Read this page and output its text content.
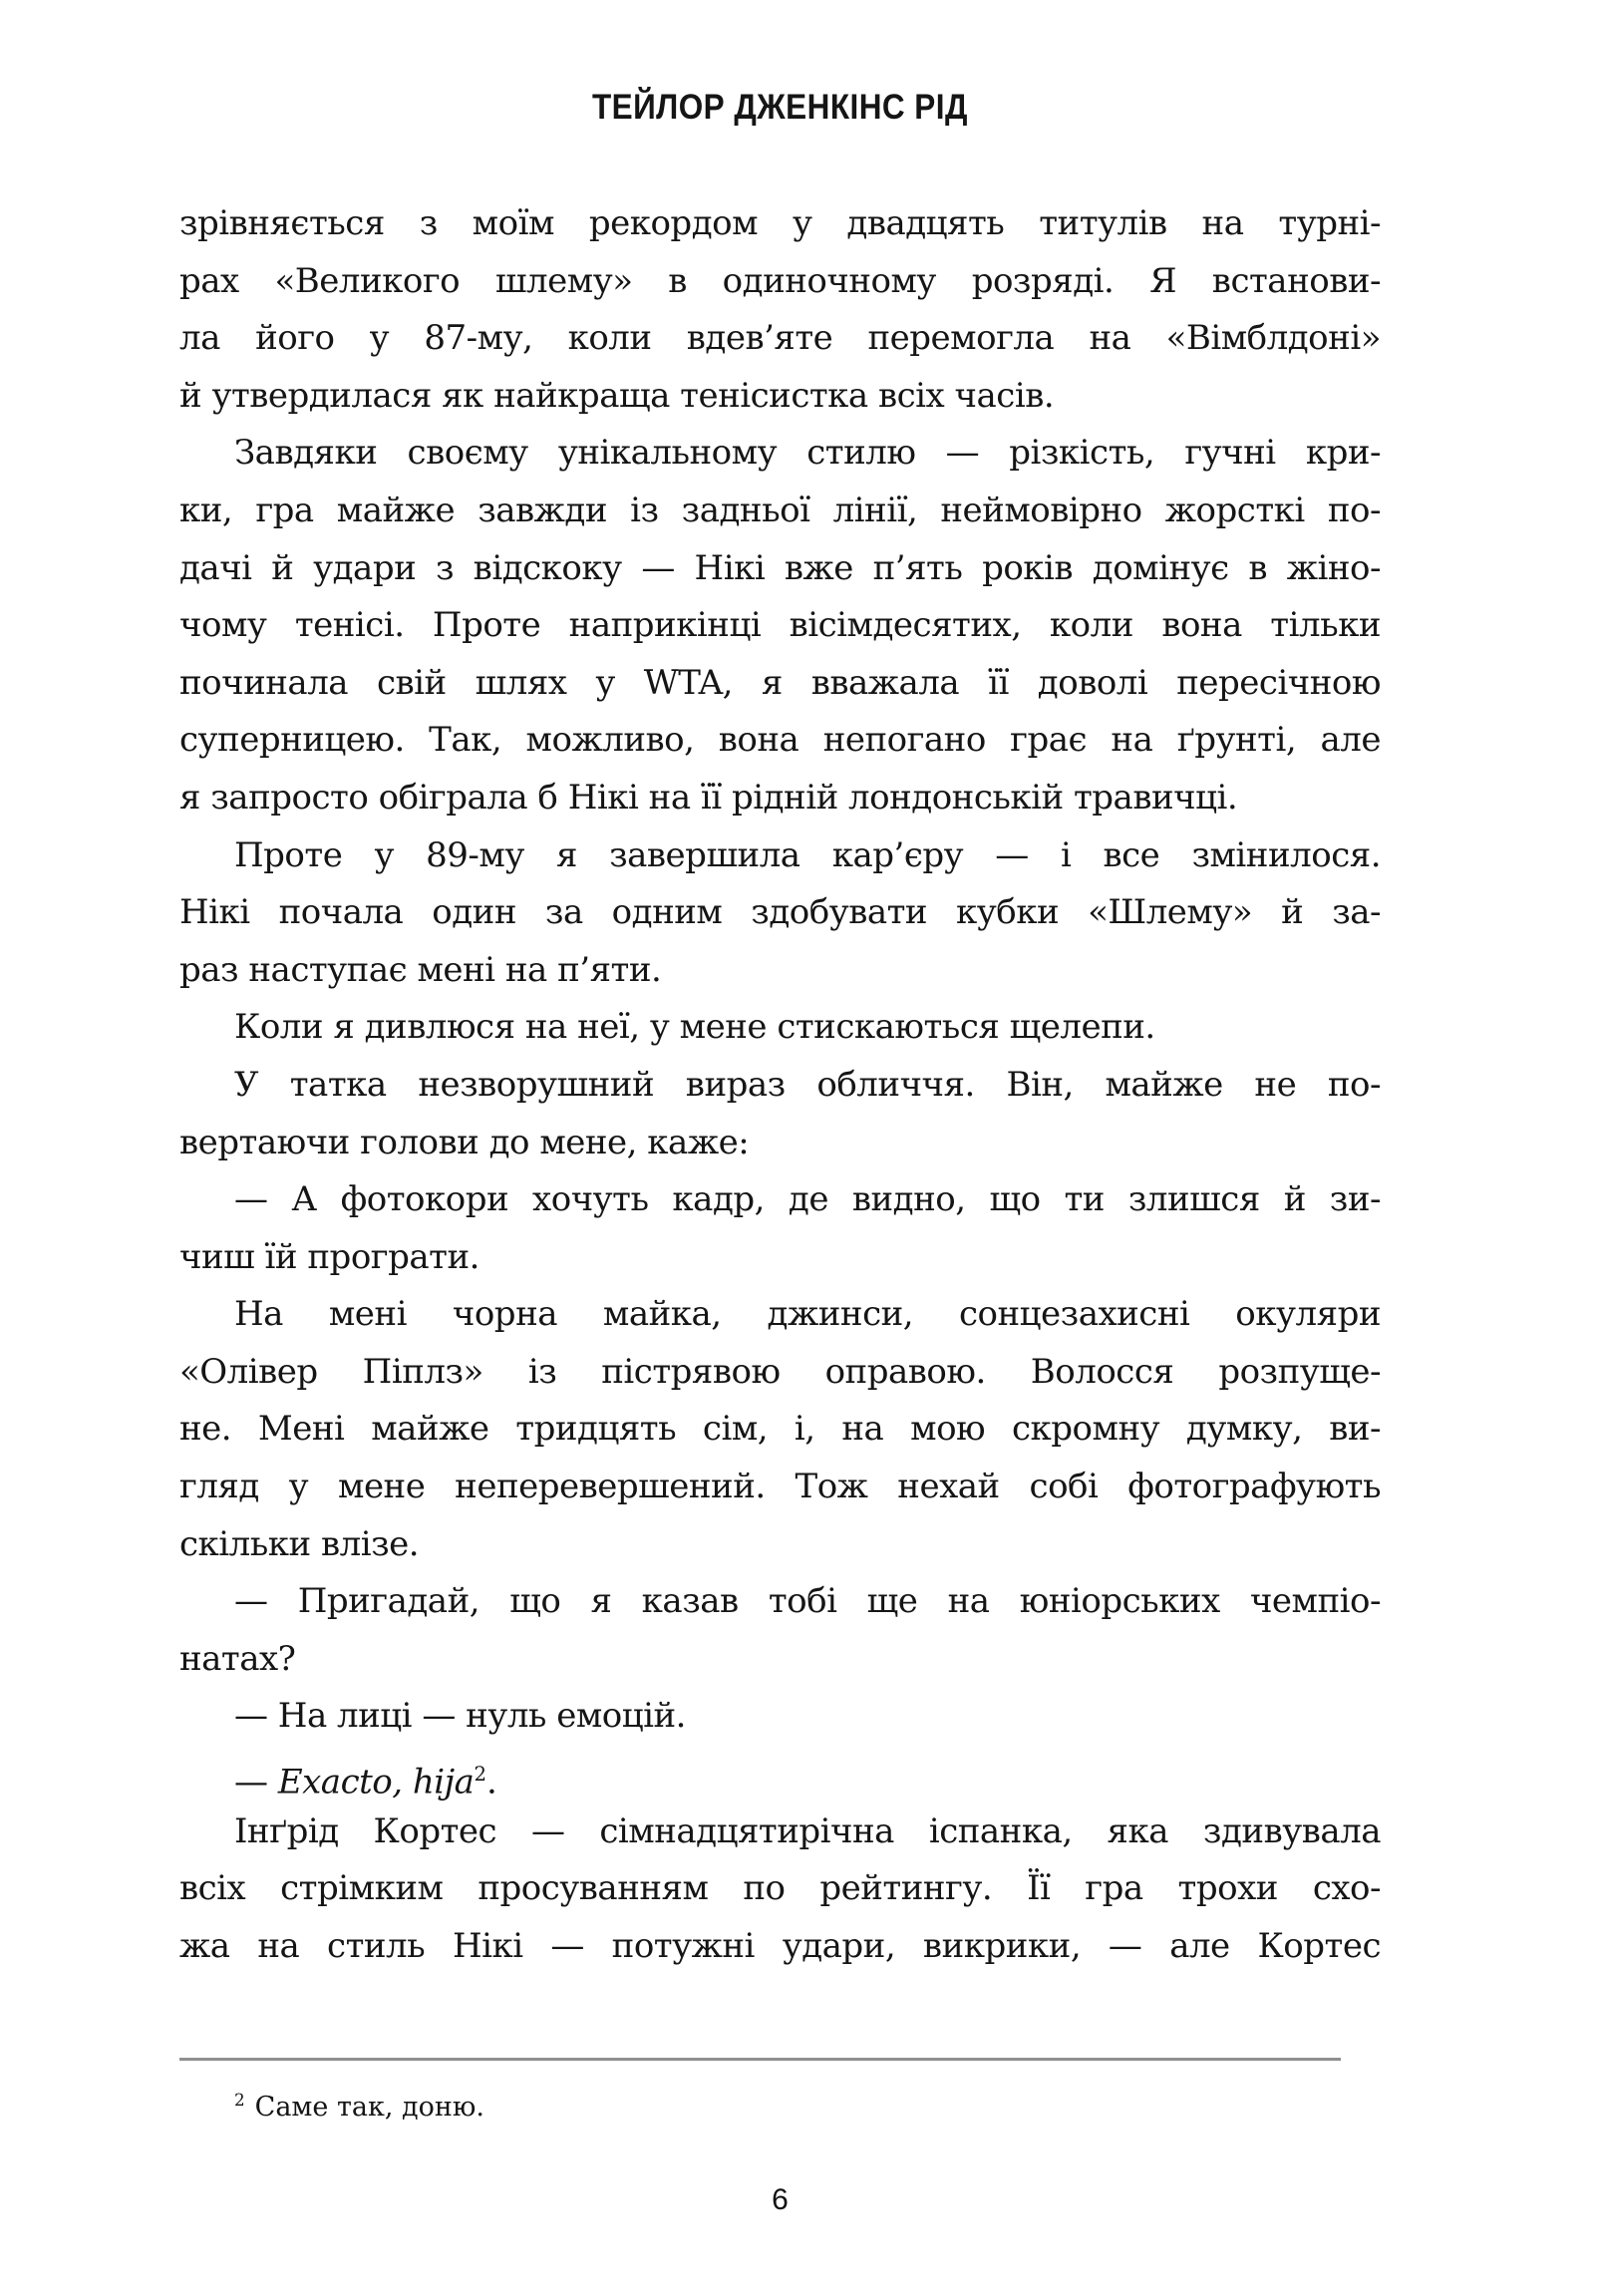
ТЕЙЛОР ДЖЕНКІНС РІД
зрівняється з моїм рекордом у двадцять титулів на турні-
рах «Великого шлему» в одиночному розряді. Я встанови-
ла його у 87-му, коли вдев’яте перемогла на «Вімблдоні»
й утвердилася як найкраща тенісистка всіх часів.
Завдяки своєму унікальному стилю — різкість, гучні кри-
ки, гра майже завжди із задньої лінії, неймовірно жорсткі по-
дачі й удари з відскоку — Нікі вже п’ять років домінує в жіно-
чому тенісі. Проте наприкінці вісімдесятих, коли вона тільки
починала свій шлях у WTA, я вважала її доволі пересічною
суперницею. Так, можливо, вона непогано грає на ґрунті, але
я запросто обіграла б Нікі на її рідній лондонській травичці.
Проте у 89-му я завершила кар’єру — і все змінилося.
Нікі почала один за одним здобувати кубки «Шлему» й за-
раз наступає мені на п’яти.
Коли я дивлюся на неї, у мене стискаються щелепи.
У татка незворушний вираз обличчя. Він, майже не по-
вертаючи голови до мене, каже:
— А фотокори хочуть кадр, де видно, що ти злишся й зи-
чиш їй програти.
На мені чорна майка, джинси, сонцезахисні окуляри
«Олівер Піплз» із пістрявою оправою. Волосся розпуще-
не. Мені майже тридцять сім, і, на мою скромну думку, ви-
гляд у мене неперевершений. Тож нехай собі фотографують
скільки влізе.
— Пригадай, що я казав тобі ще на юніорських чемпіо-
натах?
— На лиці — нуль емоцій.
— Exacto, hija$^2$.
Інґрід Кортес — сімнадцятирічна іспанка, яка здивувала
всіх стрімким просуванням по рейтингу. Її гра трохи схо-
жа на стиль Нікі — потужні удари, викрики, — але Кортес
$^2$ Саме так, доню.
6
